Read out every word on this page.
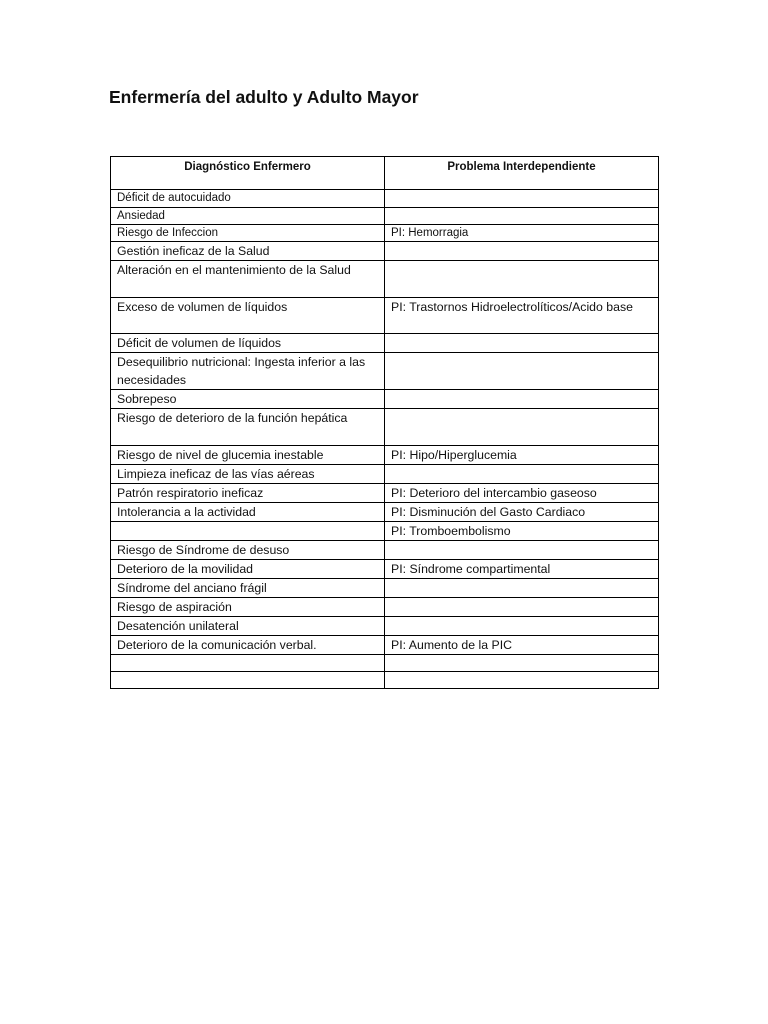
Enfermería del adulto y Adulto Mayor
Diagnóstico Enfermero	Problema Interdependiente
Déficit de autocuidado	
Ansiedad	
Riesgo de Infeccion	PI: Hemorragia
Gestión ineficaz de la Salud	
Alteración en el mantenimiento de la Salud	
Exceso de volumen de líquidos	PI: Trastornos Hidroelectrolíticos/Acido base
Déficit de volumen de líquidos	
Desequilibrio nutricional: Ingesta inferior a las necesidades	
Sobrepeso	
Riesgo de deterioro de la función hepática	
Riesgo de nivel de glucemia inestable	PI: Hipo/Hiperglucemia
Limpieza ineficaz de las vías aéreas	
Patrón respiratorio ineficaz	PI: Deterioro del intercambio gaseoso
Intolerancia a la actividad	PI: Disminución del Gasto Cardiaco
	PI: Tromboembolismo
Riesgo de Síndrome de desuso	
Deterioro de la movilidad	PI: Síndrome compartimental
Síndrome del anciano frágil	
Riesgo de aspiración	
Desatención unilateral	
Deterioro de la comunicación verbal.	PI: Aumento de la PIC
